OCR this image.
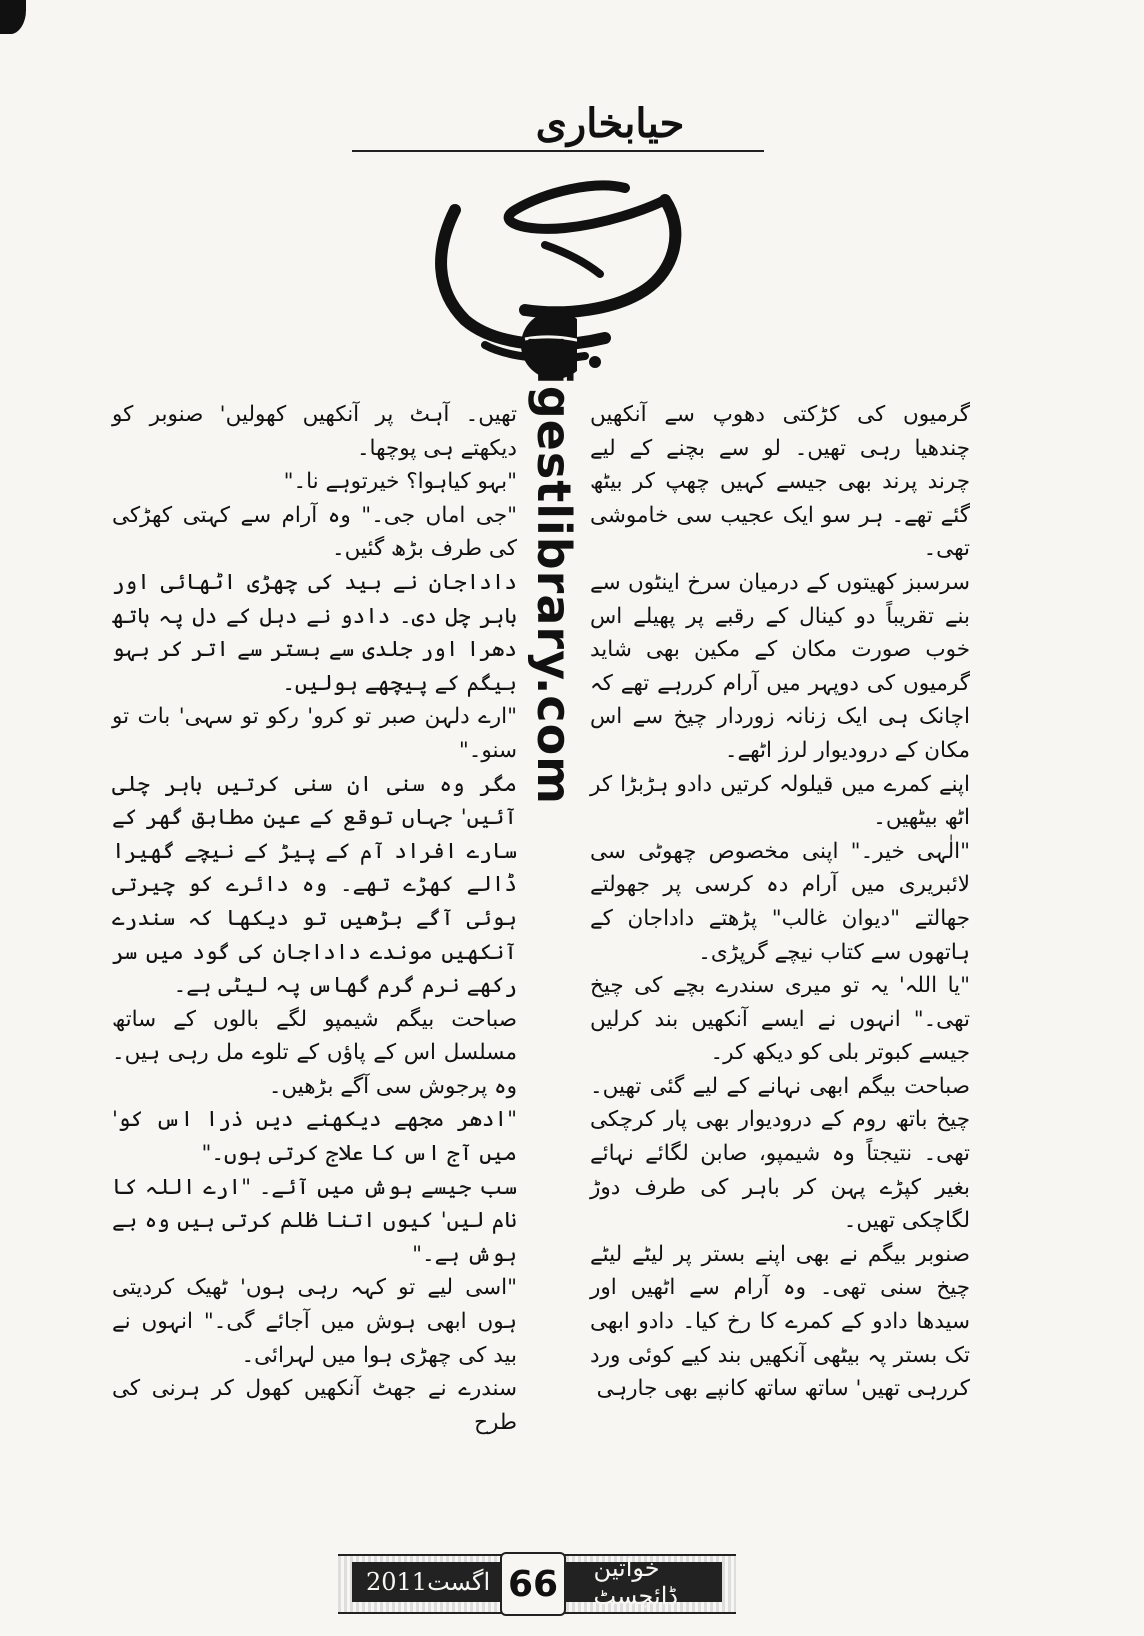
حیابخاری
pigestlibrary.com گرمیوں کی کڑکتی دھوپ سے آنکھیں چندھیا رہی تھیں۔ لو سے بچنے کے لیے چرند پرند بھی جیسے کہیں چھپ کر بیٹھ گئے تھے۔ ہر سو ایک عجیب سی خاموشی تھی۔

سرسبز کھیتوں کے درمیان سرخ اینٹوں سے بنے تقریباً دو کینال کے رقبے پر پھیلے اس خوب صورت مکان کے مکین بھی شاید گرمیوں کی دوپہر میں آرام کررہے تھے کہ اچانک ہی ایک زنانہ زوردار چیخ سے اس مکان کے درودیوار لرز اٹھے۔

اپنے کمرے میں قیلولہ کرتیں دادو ہڑبڑا کر اٹھ بیٹھیں۔

"الٰہی خیر۔" اپنی مخصوص چھوٹی سی لائبریری میں آرام دہ کرسی پر جھولتے جھالتے "دیوان غالب" پڑھتے داداجان کے ہاتھوں سے کتاب نیچے گرپڑی۔

"یا اللہ' یہ تو میری سندرے بچے کی چیخ تھی۔" انہوں نے ایسے آنکھیں بند کرلیں جیسے کبوتر بلی کو دیکھ کر۔

صباحت بیگم ابھی نہانے کے لیے گئی تھیں۔ چیخ باتھ روم کے درودیوار بھی پار کرچکی تھی۔ نتیجتاً وہ شیمپو، صابن لگائے نہائے بغیر کپڑے پہن کر باہر کی طرف دوڑ لگاچکی تھیں۔

صنوبر بیگم نے بھی اپنے بستر پر لیٹے لیٹے چیخ سنی تھی۔ وہ آرام سے اٹھیں اور سیدھا دادو کے کمرے کا رخ کیا۔ دادو ابھی تک بستر پہ بیٹھی آنکھیں بند کیے کوئی ورد کررہی تھیں' ساتھ ساتھ کانپے بھی جارہی

تھیں۔ آہٹ پر آنکھیں کھولیں' صنوبر کو دیکھتے ہی پوچھا۔

"بہو کیاہوا؟ خیرتوہے نا۔"

"جی اماں جی۔" وہ آرام سے کہتی کھڑکی کی طرف بڑھ گئیں۔

داداجان نے بید کی چھڑی اٹھائی اور باہر چل دی۔ دادو نے دہل کے دل پہ ہاتھ دھرا اور جلدی سے بستر سے اتر کر بہو بیگم کے پیچھے ہولیں۔

"ارے دلہن صبر تو کرو' رکو تو سہی' بات تو سنو۔"

مگر وہ سنی ان سنی کرتیں باہر چلی آئیں' جہاں توقع کے عین مطابق گھر کے سارے افراد آم کے پیڑ کے نیچے گھیرا ڈالے کھڑے تھے۔ وہ دائرے کو چیرتی ہوئی آگے بڑھیں تو دیکھا کہ سندرے آنکھیں موندے داداجان کی گود میں سر رکھے نرم گرم گھاس پہ لیٹی ہے۔

صباحت بیگم شیمپو لگے بالوں کے ساتھ مسلسل اس کے پاؤں کے تلوے مل رہی ہیں۔ وہ پرجوش سی آگے بڑھیں۔

"ادھر مجھے دیکھنے دیں ذرا اس کو' میں آج اس کا علاج کرتی ہوں۔"

سب جیسے ہوش میں آئے۔ "ارے اللہ کا نام لیں' کیوں اتنا ظلم کرتی ہیں وہ بے ہوش ہے۔"

"اسی لیے تو کہہ رہی ہوں' ٹھیک کردیتی ہوں ابھی ہوش میں آجائے گی۔" انہوں نے بید کی چھڑی ہوا میں لہرائی۔

سندرے نے جھٹ آنکھیں کھول کر ہرنی کی طرح

2011 اگست	خواتین ڈائجسٹ
66
